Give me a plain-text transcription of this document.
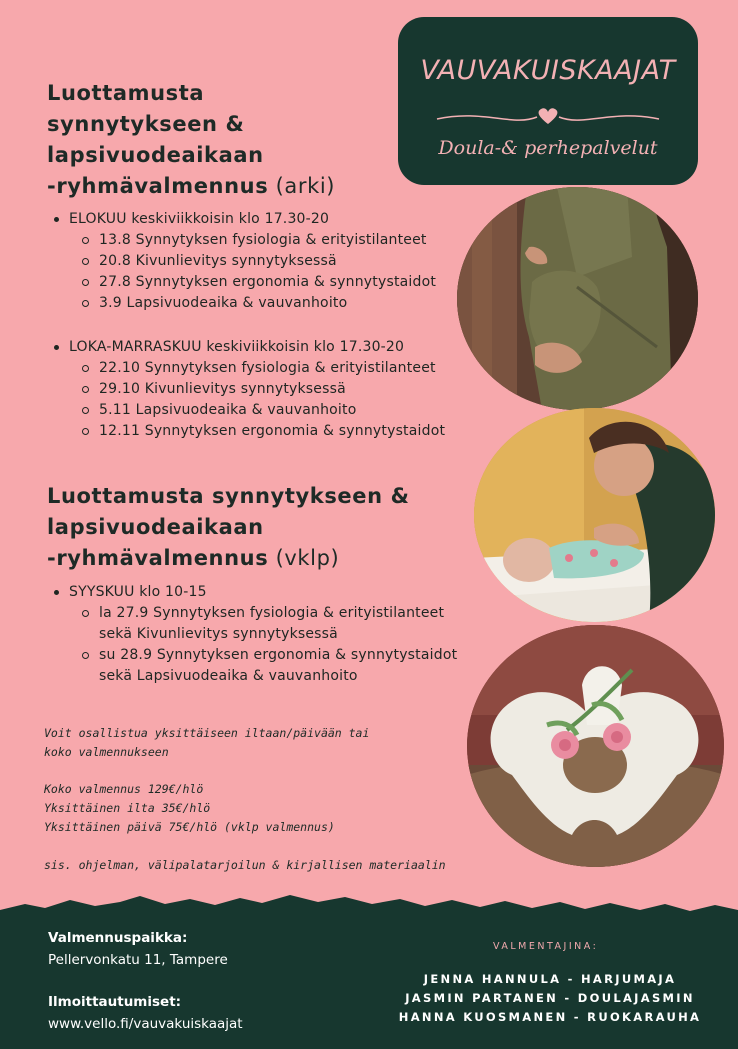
VAUVAKUISKAAJAT
Doula-& perhepalvelut
Luottamusta
synnytykseen &
lapsivuodeaikaan
-ryhmävalmennus (arki)
ELOKUU keskiviikkoisin klo 17.30-20
13.8 Synnytyksen fysiologia & erityistilanteet
20.8 Kivunlievitys synnytyksessä
27.8 Synnytyksen ergonomia & synnytystaidot
3.9 Lapsivuodeaika & vauvanhoito
LOKA-MARRASKUU keskiviikkoisin klo 17.30-20
22.10 Synnytyksen fysiologia & erityistilanteet
29.10 Kivunlievitys synnytyksessä
5.11 Lapsivuodeaika & vauvanhoito
12.11 Synnytyksen ergonomia & synnytystaidot
Luottamusta synnytykseen &
lapsivuodeaikaan
-ryhmävalmennus (vklp)
SYYSKUU klo 10-15
la 27.9 Synnytyksen fysiologia & erityistilanteet
sekä Kivunlievitys synnytyksessä
su 28.9 Synnytyksen ergonomia & synnytystaidot
sekä Lapsivuodeaika & vauvanhoito

Voit osallistua yksittäiseen iltaan/päivään tai
koko valmennukseen

Koko valmennus 129€/hlö
Yksittäinen ilta 35€/hlö
Yksittäinen päivä 75€/hlö (vklp valmennus)

sis. ohjelman, välipalatarjoilun & kirjallisen materiaalin

Valmennuspaikka:

Pellervonkatu 11, Tampere

Ilmoittautumiset:

www.vello.fi/vauvakuiskaajat

VALMENTAJINA:

JENNA HANNULA - HARJUMAJA
JASMIN PARTANEN - DOULAJASMIN
HANNA KUOSMANEN - RUOKARAUHA
